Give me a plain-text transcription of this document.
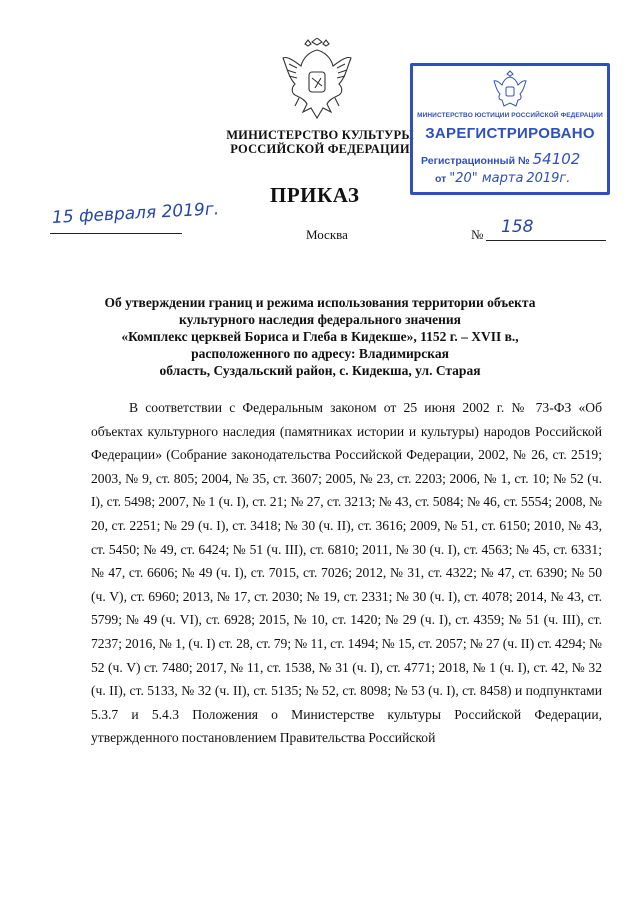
МИНИСТЕРСТВО КУЛЬТУРЫ
РОССИЙСКОЙ ФЕДЕРАЦИИ
ПРИКАЗ
15 февраля 2019г.
Москва	№ 158
МИНИСТЕРСТВО ЮСТИЦИИ РОССИЙСКОЙ ФЕДЕРАЦИИ
ЗАРЕГИСТРИРОВАНО
Регистрационный № 54102
от "20" марта 2019г.
Об утверждении границ и режима использования территории объекта
культурного наследия федерального значения
«Комплекс церквей Бориса и Глеба в Кидекше», 1152 г. – XVII в.,
расположенного по адресу: Владимирская
область, Суздальский район, с. Кидекша, ул. Старая

В соответствии с Федеральным законом от 25 июня 2002 г. № 73-ФЗ «Об объектах культурного наследия (памятниках истории и культуры) народов Российской Федерации» (Собрание законодательства Российской Федерации, 2002, № 26, ст. 2519; 2003, № 9, ст. 805; 2004, № 35, ст. 3607; 2005, № 23, ст. 2203; 2006, № 1, ст. 10; № 52 (ч. I), ст. 5498; 2007, № 1 (ч. I), ст. 21; № 27, ст. 3213; № 43, ст. 5084; № 46, ст. 5554; 2008, № 20, ст. 2251; № 29 (ч. I), ст. 3418; № 30 (ч. II), ст. 3616; 2009, № 51, ст. 6150; 2010, № 43, ст. 5450; № 49, ст. 6424; № 51 (ч. III), ст. 6810; 2011, № 30 (ч. I), ст. 4563; № 45, ст. 6331; № 47, ст. 6606; № 49 (ч. I), ст. 7015, ст. 7026; 2012, № 31, ст. 4322; № 47, ст. 6390; № 50 (ч. V), ст. 6960; 2013, № 17, ст. 2030; № 19, ст. 2331; № 30 (ч. I), ст. 4078; 2014, № 43, ст. 5799; № 49 (ч. VI), ст. 6928; 2015, № 10, ст. 1420; № 29 (ч. I), ст. 4359; № 51 (ч. III), ст. 7237; 2016, № 1, (ч. I) ст. 28, ст. 79; № 11, ст. 1494; № 15, ст. 2057; № 27 (ч. II) ст. 4294; № 52 (ч. V) ст. 7480; 2017, № 11, ст. 1538, № 31 (ч. I), ст. 4771; 2018, № 1 (ч. I), ст. 42, № 32 (ч. II), ст. 5133, № 32 (ч. II), ст. 5135; № 52, ст. 8098; № 53 (ч. I), ст. 8458) и подпунктами 5.3.7 и 5.4.3 Положения о Министерстве культуры Российской Федерации, утвержденного постановлением Правительства Российской
